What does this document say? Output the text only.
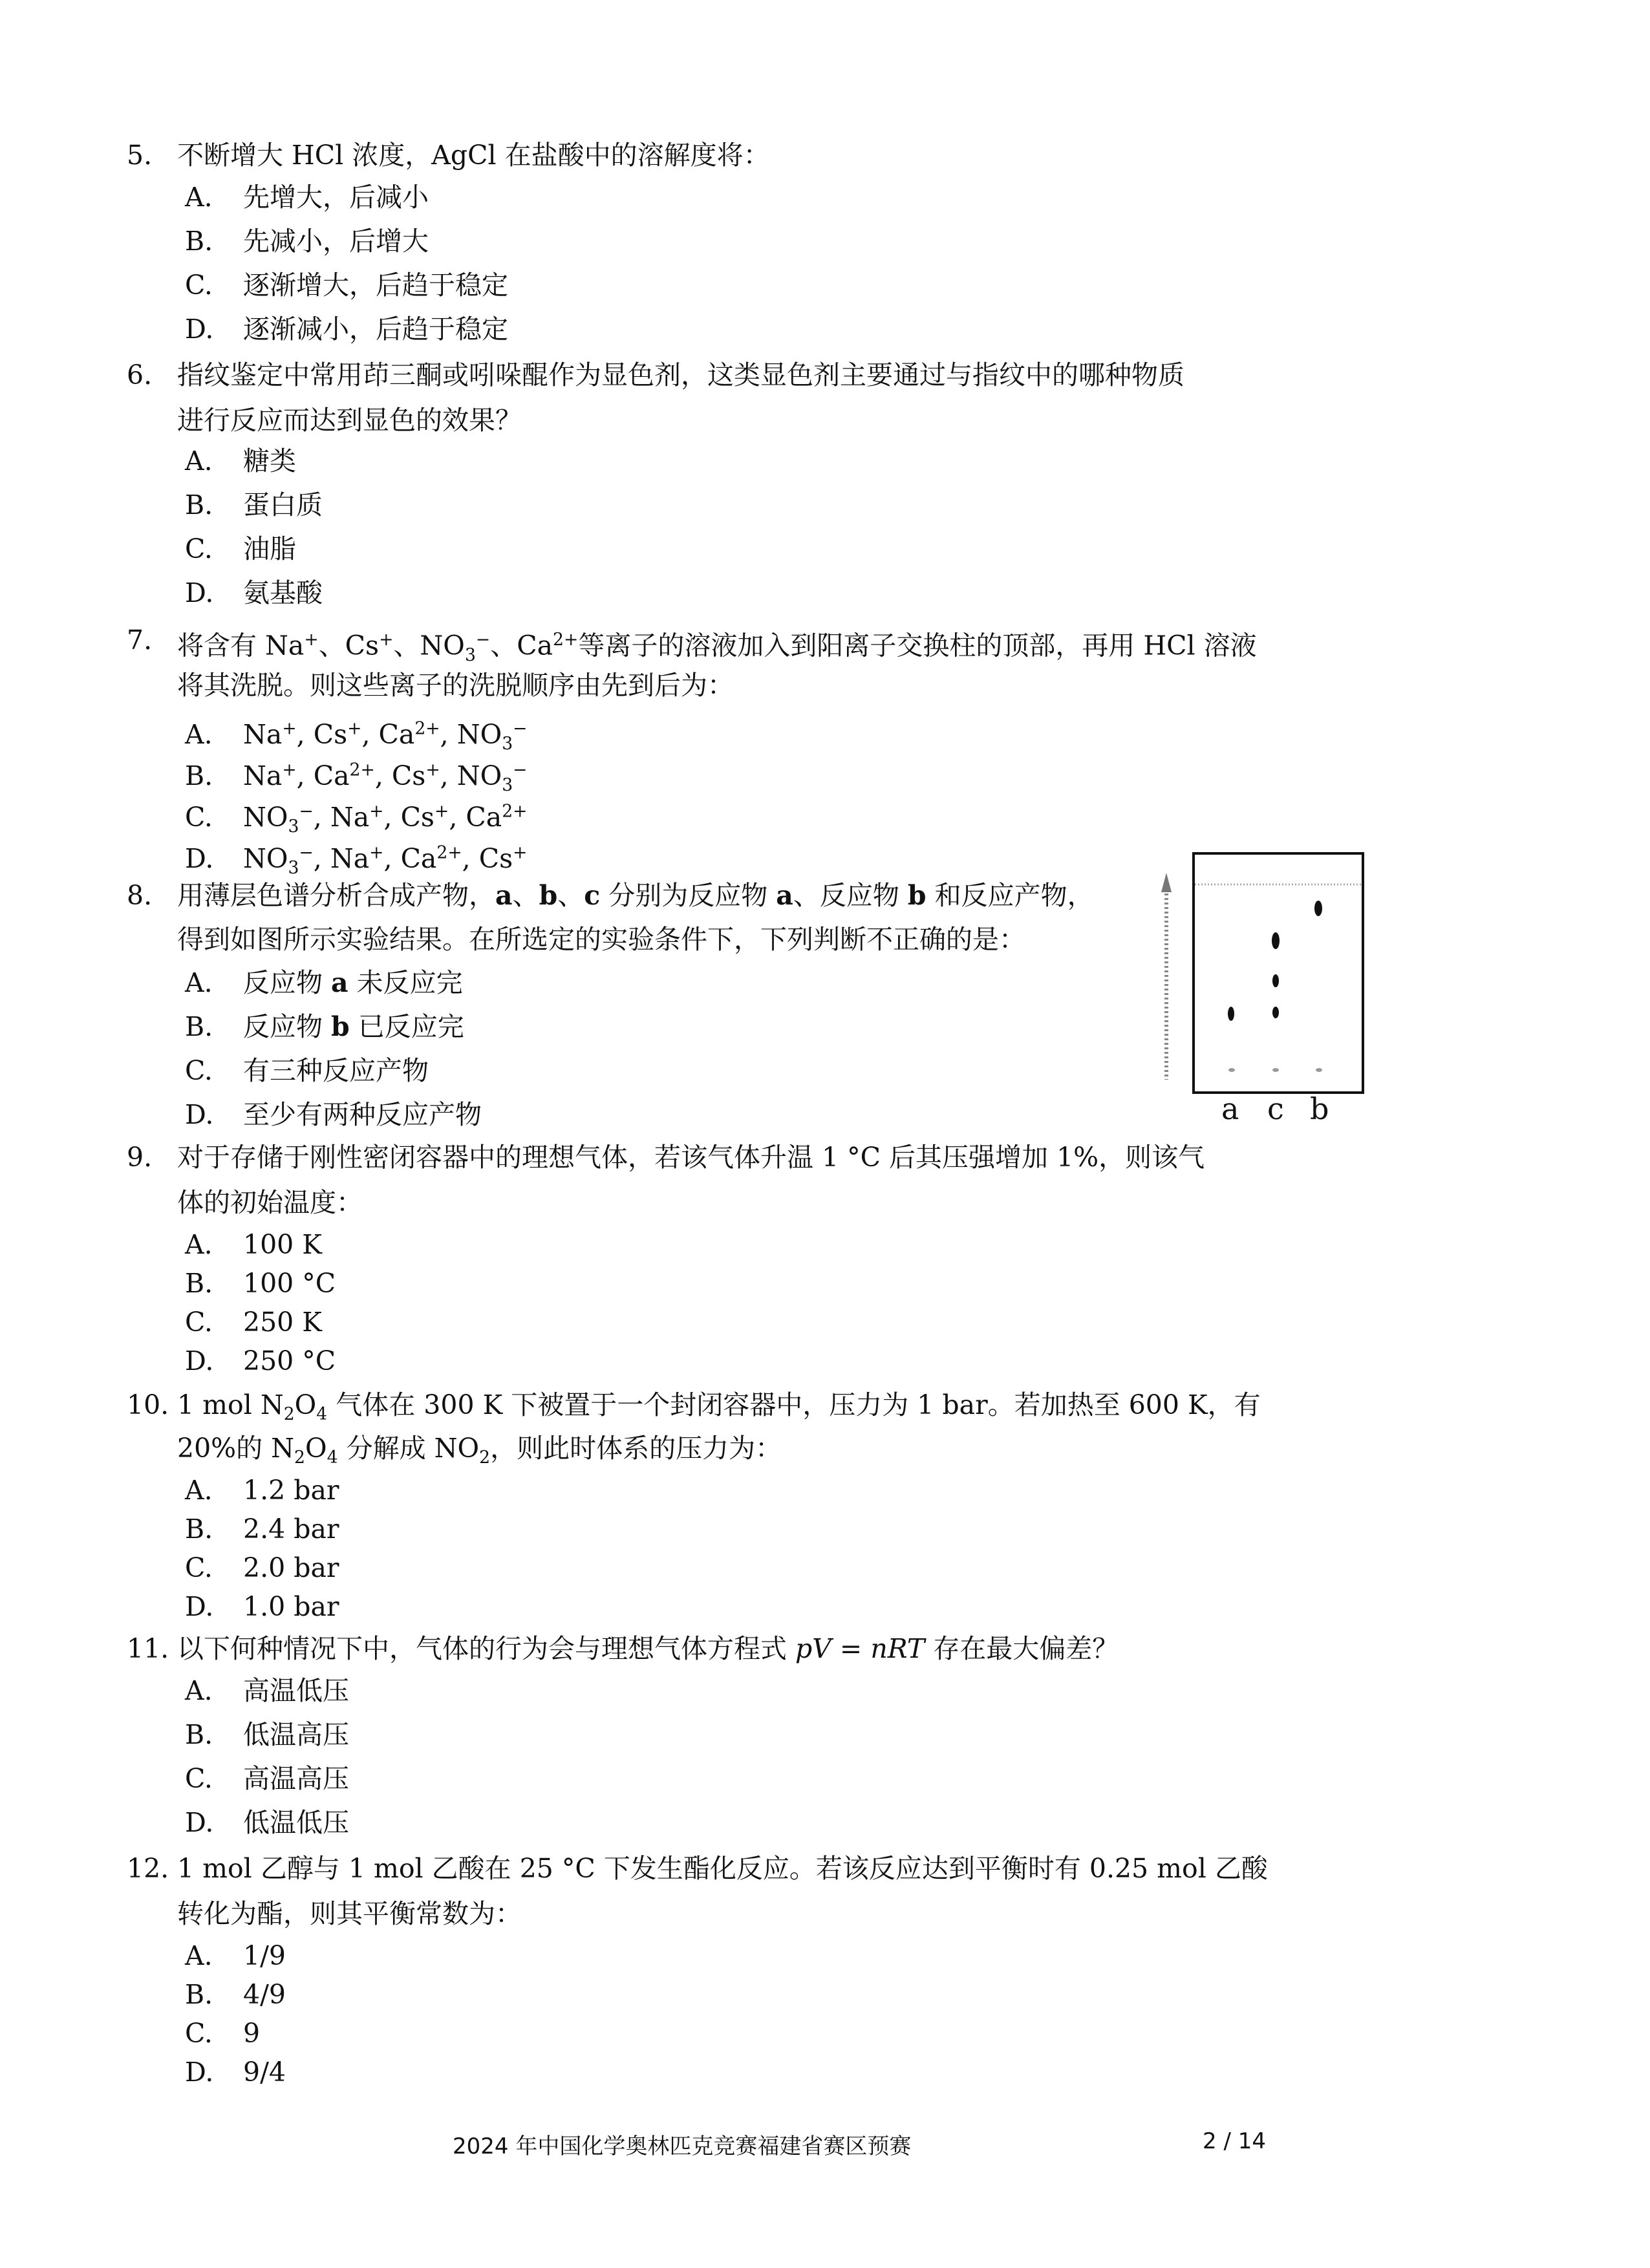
5. 不断增大 HCl 浓度，AgCl 在盐酸中的溶解度将：
A. 先增大，后减小
B. 先减小，后增大
C. 逐渐增大，后趋于稳定
D. 逐渐减小，后趋于稳定
6. 指纹鉴定中常用茚三酮或吲哚醌作为显色剂，这类显色剂主要通过与指纹中的哪种物质
进行反应而达到显色的效果？
A. 糖类
B. 蛋白质
C. 油脂
D. 氨基酸
7. 将含有 Na+、Cs+、$NO_3^-$、$Ca^{2+}$等离子的溶液加入到阳离子交换柱的顶部，再用 HCl 溶液
将其洗脱。则这些离子的洗脱顺序由先到后为：
A. Na+, Cs+, $Ca^{2+}$, $NO_3^-$
B. Na+, $Ca^{2+}$, Cs+, $NO_3^-$
C. $NO_3^-$, Na+, Cs+, $Ca^{2+}$
D. $NO_3^-$, Na+, $Ca^{2+}$, Cs+
8. 用薄层色谱分析合成产物，a、b、c 分别为反应物 a、反应物 b 和反应产物，
得到如图所示实验结果。在所选定的实验条件下，下列判断不正确的是：
A. 反应物 a 未反应完
B. 反应物 b 已反应完
C. 有三种反应产物
D. 至少有两种反应产物	a c b
9. 对于存储于刚性密闭容器中的理想气体，若该气体升温 1 °C 后其压强增加 1%，则该气
体的初始温度：
A. 100 K
B. 100 °C
C. 250 K
D. 250 °C
10. 1 mol $N_2O_4$ 气体在 300 K 下被置于一个封闭容器中，压力为 1 bar。若加热至 600 K，有
20%的 $N_2O_4$ 分解成 $NO_2$，则此时体系的压力为：
A. 1.2 bar
B. 2.4 bar
C. 2.0 bar
D. 1.0 bar
11. 以下何种情况下中，气体的行为会与理想气体方程式 pV = nRT 存在最大偏差？
A. 高温低压
B. 低温高压
C. 高温高压
D. 低温低压
12. 1 mol 乙醇与 1 mol 乙酸在 25 °C 下发生酯化反应。若该反应达到平衡时有 0.25 mol 乙酸
转化为酯，则其平衡常数为：
A. 1/9
B. 4/9
C. 9
D. 9/4
2024 年中国化学奥林匹克竞赛福建省赛区预赛	2 / 14
